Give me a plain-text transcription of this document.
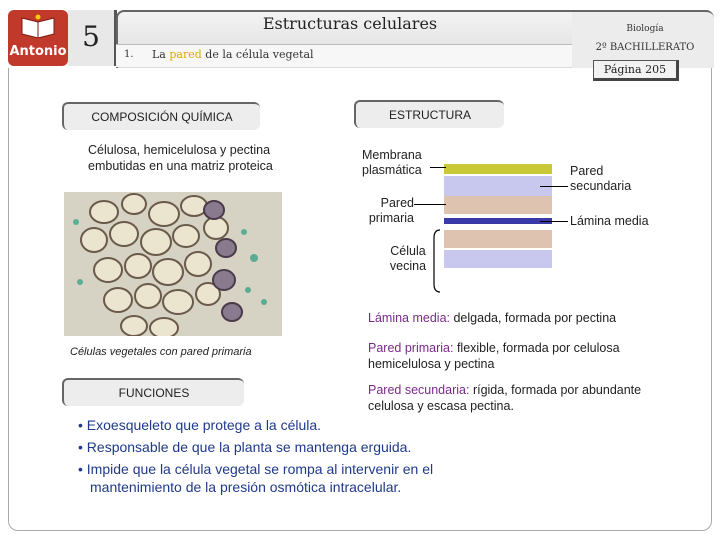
Antonio 5	Estructuras celulares
1. La pared de la célula vegetal
Biología
2º BACHILLERATO
Página 205
COMPOSICIÓN QUÍMICA
Célulosa, hemicelulosa y pectina embutidas en una matriz proteica
Células vegetales con pared primaria
ESTRUCTURA
Membrana plasmática
Pared primaria
Pared secundaria
Lámina media
Célula vecina
Lámina media: delgada, formada por pectina
Pared primaria: flexible, formada por celulosa hemicelulosa y pectina
Pared secundaria: rígida, formada por abundante celulosa y escasa pectina.
FUNCIONES
• Exoesqueleto que protege a la célula.
• Responsable de que la planta se mantenga erguida.
• Impide que la célula vegetal se rompa al intervenir en el mantenimiento de la presión osmótica intracelular.
